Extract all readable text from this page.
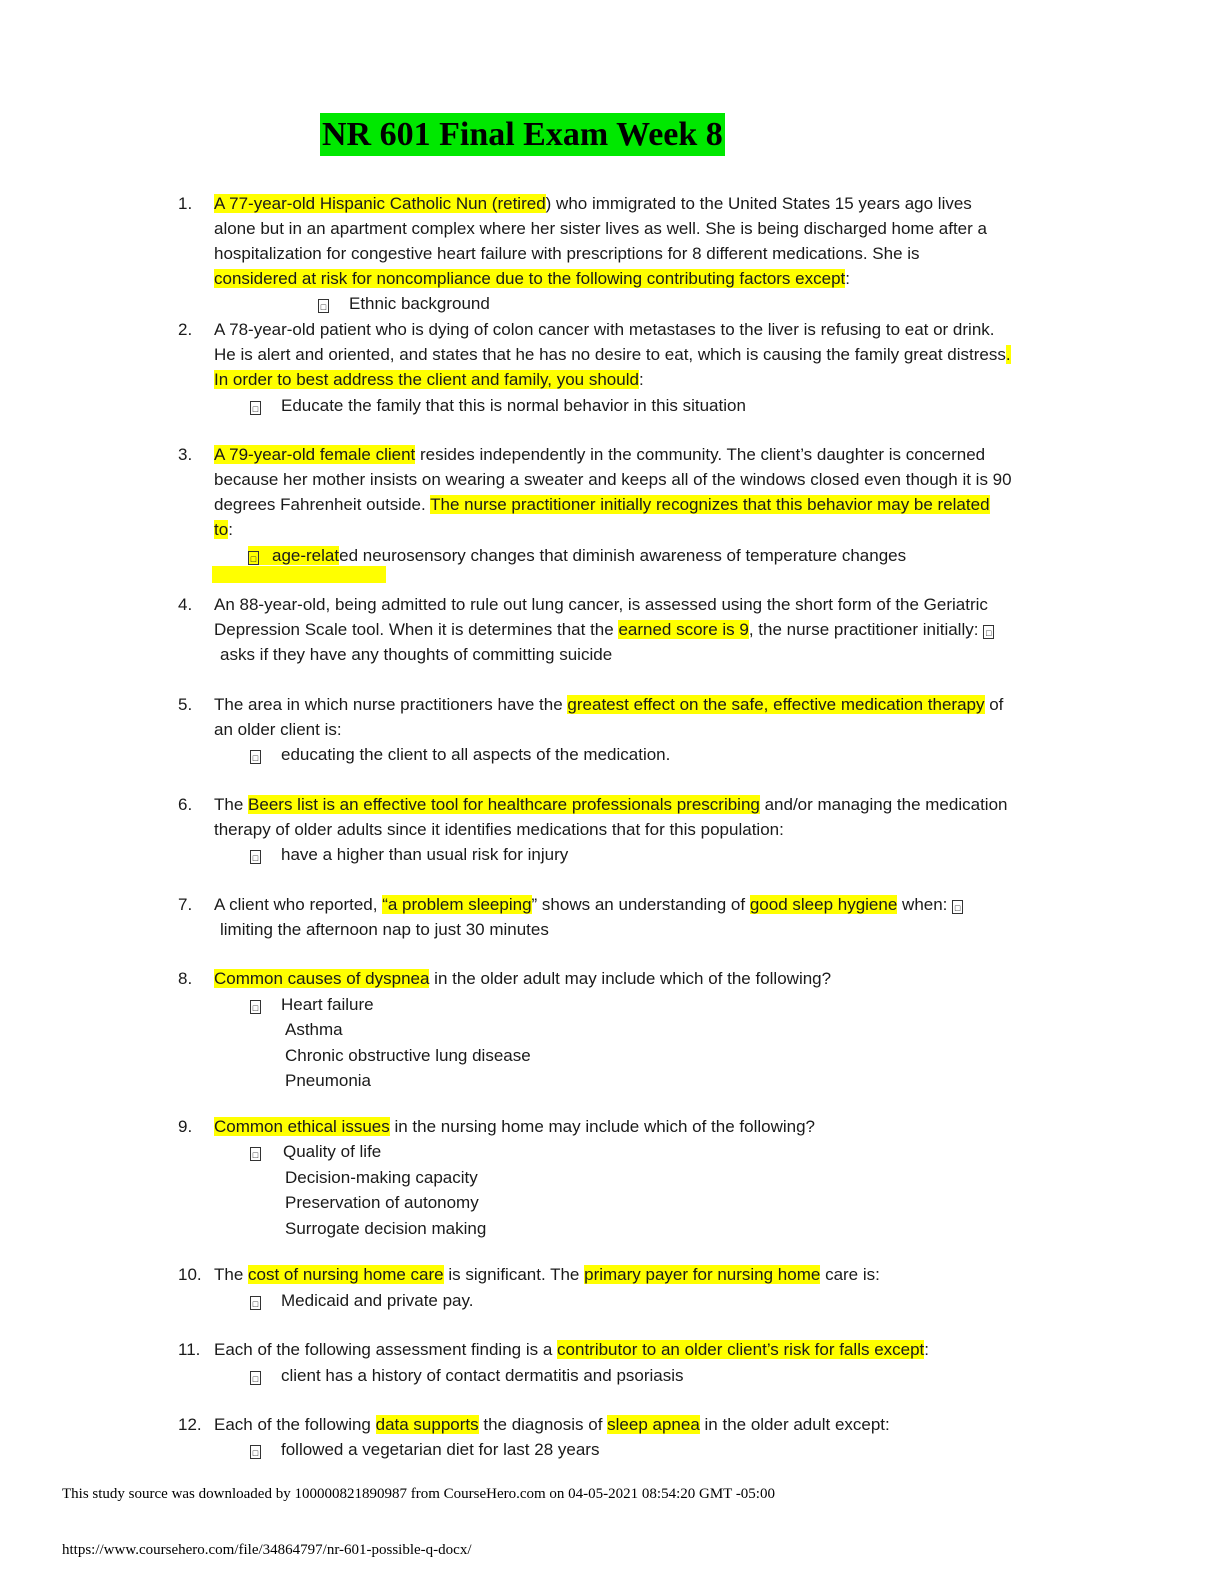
NR 601 Final Exam Week 8
1.	A 77-year-old Hispanic Catholic Nun (retired) who immigrated to the United States 15 years ago lives
alone but in an apartment complex where her sister lives as well. She is being discharged home after a
hospitalization for congestive heart failure with prescriptions for 8 different medications. She is
considered at risk for noncompliance due to the following contributing factors except:
□ Ethnic background
2.	A 78-year-old patient who is dying of colon cancer with metastases to the liver is refusing to eat or drink.
He is alert and oriented, and states that he has no desire to eat, which is causing the family great distress.
In order to best address the client and family, you should:
□ Educate the family that this is normal behavior in this situation
3.	A 79-year-old female client resides independently in the community. The client’s daughter is concerned
because her mother insists on wearing a sweater and keeps all of the windows closed even though it is 90
degrees Fahrenheit outside. The nurse practitioner initially recognizes that this behavior may be related
to:
□ age-related neurosensory changes that diminish awareness of temperature changes
4.	An 88-year-old, being admitted to rule out lung cancer, is assessed using the short form of the Geriatric
Depression Scale tool. When it is determines that the earned score is 9, the nurse practitioner initially: □
asks if they have any thoughts of committing suicide
5.	The area in which nurse practitioners have the greatest effect on the safe, effective medication therapy of
an older client is:
□ educating the client to all aspects of the medication.
6.	The Beers list is an effective tool for healthcare professionals prescribing and/or managing the medication
therapy of older adults since it identifies medications that for this population:
□ have a higher than usual risk for injury
7.	A client who reported, “a problem sleeping” shows an understanding of good sleep hygiene when: □
limiting the afternoon nap to just 30 minutes
8.	Common causes of dyspnea in the older adult may include which of the following?
□ Heart failure
Asthma
Chronic obstructive lung disease
Pneumonia
9.	Common ethical issues in the nursing home may include which of the following?
□ Quality of life
Decision-making capacity
Preservation of autonomy
Surrogate decision making
10. The cost of nursing home care is significant. The primary payer for nursing home care is:
□ Medicaid and private pay.
11. Each of the following assessment finding is a contributor to an older client’s risk for falls except:
□ client has a history of contact dermatitis and psoriasis
12. Each of the following data supports the diagnosis of sleep apnea in the older adult except:
□ followed a vegetarian diet for last 28 years
This study source was downloaded by 100000821890987 from CourseHero.com on 04-05-2021 08:54:20 GMT -05:00
https://www.coursehero.com/file/34864797/nr-601-possible-q-docx/
